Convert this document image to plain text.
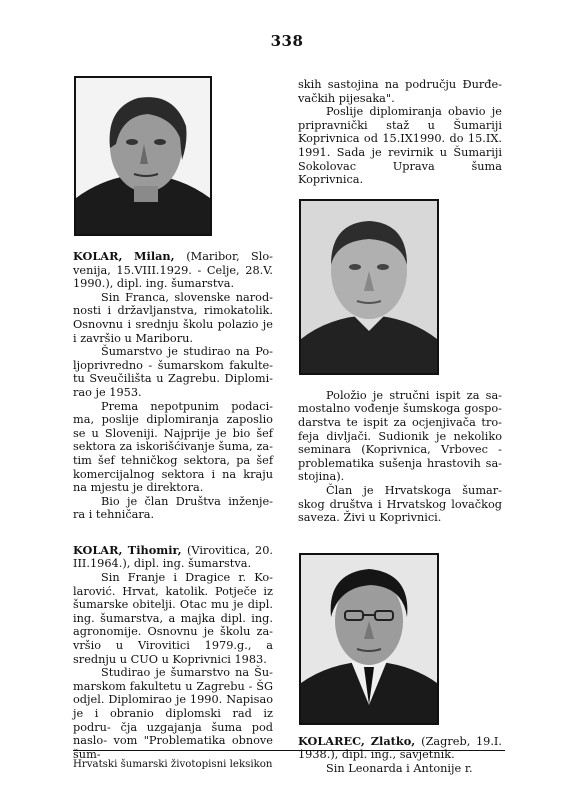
338

KOLAR, Milan, (Maribor, Slo- venija, 15.VIII.1929. - Celje, 28.V. 1990.), dipl. ing. šumarstva.

Sin Franca, slovenske narod- nosti i državljanstva, rimokatolik. Osnovnu i srednju školu polazio je i završio u Mariboru.

Šumarstvo je studirao na Po- ljoprivredno - šumarskom fakulte- tu Sveučilišta u Zagrebu. Diplomi- rao je 1953.

Prema nepotpunim podaci- ma, poslije diplomiranja zaposlio se u Sloveniji. Najprije je bio šef sektora za iskorišćivanje šuma, za- tim šef tehničkog sektora, pa šef komercijalnog sektora i na kraju na mjestu je direktora.

Bio je član Društva inženje- ra i tehničara.

KOLAR, Tihomir, (Virovitica, 20. III.1964.), dipl. ing. šumarstva.

Sin Franje i Dragice r. Ko- larović. Hrvat, katolik. Potječe iz šumarske obitelji. Otac mu je dipl. ing. šumarstva, a majka dipl. ing. agronomije. Osnovnu je školu za- vršio u Virovitici 1979.g., a srednju u CUO u Koprivnici 1983.

Studirao je šumarstvo na Šu- marskom fakultetu u Zagrebu - ŠG odjel. Diplomirao je 1990. Napisao je i obranio diplomski rad iz podru- čja uzgajanja šuma pod naslo- vom "Problematika obnove šum-

skih sastojina na području Đurđe- vačkih pijesaka".

Poslije diplomiranja obavio je pripravnički staž u Šumariji Koprivnica od 15.IX1990. do 15.IX. 1991. Sada je revirnik u Šumariji Sokolovac Uprava šuma Koprivnica.

Položio je stručni ispit za sa- mostalno vođenje šumskoga gospo- darstva te ispit za ocjenjivača tro- feja divljači. Sudionik je nekoliko seminara (Koprivnica, Vrbovec - problematika sušenja hrastovih sa- stojina).

Član je Hrvatskoga šumar- skog društva i Hrvatskog lovačkog saveza. Živi u Koprivnici.

KOLAREC, Zlatko, (Zagreb, 19.I. 1938.), dipl. ing., savjetnik.

Sin Leonarda i Antonije r.

Hrvatski šumarski životopisni leksikon
